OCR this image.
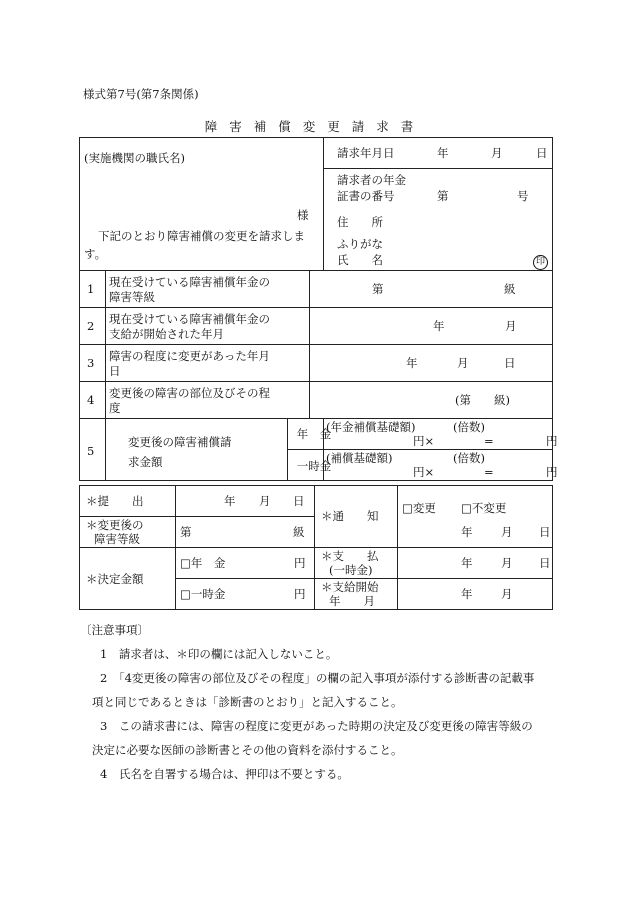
様式第7号(第7条関係)
障害補償変更請求書
(実施機関の職氏名)
様
下記のとおり障害補償の変更を請求しま
す。				請求年月日 年 月 日

				請求者の年金
証書の番号 第 号

				住　　所

				ふりがな
氏　　名 印

1	現在受けている障害補償年金の
障害等級		第 級	

2	現在受けている障害補償年金の
支給が開始された年月		年 月	

3	障害の程度に変更があった年月
日		年 月 日	

4	変更後の障害の部位及びその程
度		(第　　級)	

5	変更後の障害補償請
求金額	年　金		(年金補償基礎額) (倍数)
円× = 円

		一時金		(補償基礎額) (倍数)
円× = 円
＊提　　出	年 月 日	＊通　　知	□変更 □不変更
年 月 日

＊変更後の
障害等級	第 級		

＊決定金額	□年　金 円	＊支　　払
(一時金)	年 月 日

	□一時金 円	＊支給開始
年　　月	年 月
〔注意事項〕
1　請求者は、＊印の欄には記入しないこと。
2　「4変更後の障害の部位及びその程度」の欄の記入事項が添付する診断書の記載事
項と同じであるときは「診断書のとおり」と記入すること。
3　この請求書には、障害の程度に変更があった時期の決定及び変更後の障害等級の
決定に必要な医師の診断書とその他の資料を添付すること。
4　氏名を自署する場合は、押印は不要とする。
